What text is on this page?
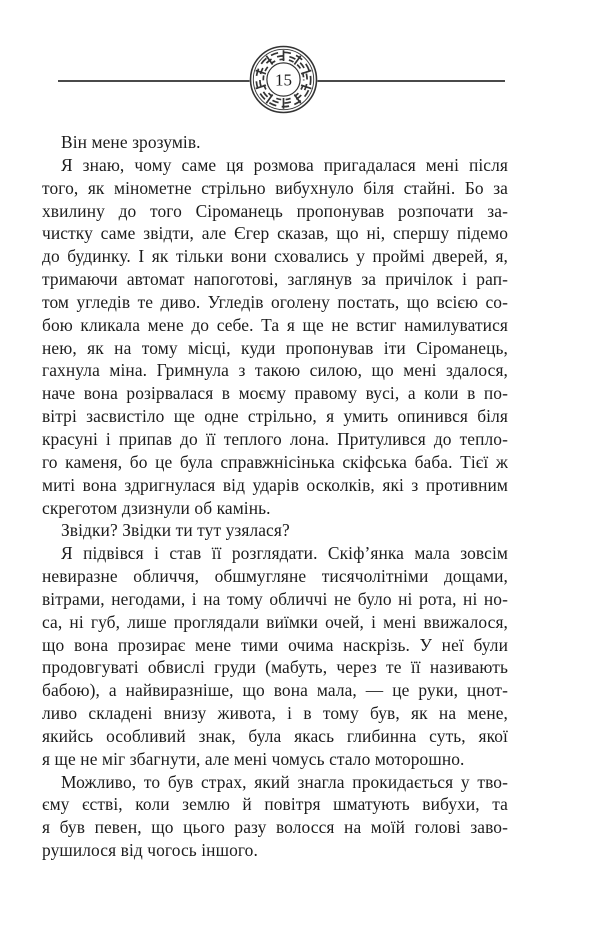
15
Він мене зрозумів.
Я знаю, чому саме ця розмова пригадалася мені після
того, як мінометне стрільно вибухнуло біля стайні. Бо за
хвилину до того Сіроманець пропонував розпочати за-
чистку саме звідти, але Єгер сказав, що ні, спершу підемо
до будинку. І як тільки вони сховались у проймі дверей, я,
тримаючи автомат напоготові, заглянув за причілок і рап-
том угледів те диво. Угледів оголену постать, що всією со-
бою кликала мене до себе. Та я ще не встиг намилуватися
нею, як на тому місці, куди пропонував іти Сіроманець,
гахнула міна. Гримнула з такою силою, що мені здалося,
наче вона розірвалася в моєму правому вусі, а коли в по-
вітрі засвистіло ще одне стрільно, я умить опинився біля
красуні і припав до її теплого лона. Притулився до тепло-
го каменя, бо це була справжнісінька скіфська баба. Тієї ж
миті вона здригнулася від ударів осколків, які з противним
скреготом дзизнули об камінь.
Звідки? Звідки ти тут узялася?
Я підвівся і став її розглядати. Скіф’янка мала зовсім
невиразне обличчя, обшмугляне тисячолітніми дощами,
вітрами, негодами, і на тому обличчі не було ні рота, ні но-
са, ні губ, лише проглядали виїмки очей, і мені ввижалося,
що вона прозирає мене тими очима наскрізь. У неї були
продовгуваті обвислі груди (мабуть, через те її називають
бабою), а найвиразніше, що вона мала, — це руки, цнот-
ливо складені внизу живота, і в тому був, як на мене,
якийсь особливий знак, була якась глибинна суть, якої
я ще не міг збагнути, але мені чомусь стало моторошно.
Можливо, то був страх, який знагла прокидається у тво-
єму єстві, коли землю й повітря шматують вибухи, та
я був певен, що цього разу волосся на моїй голові заво-
рушилося від чогось іншого.
